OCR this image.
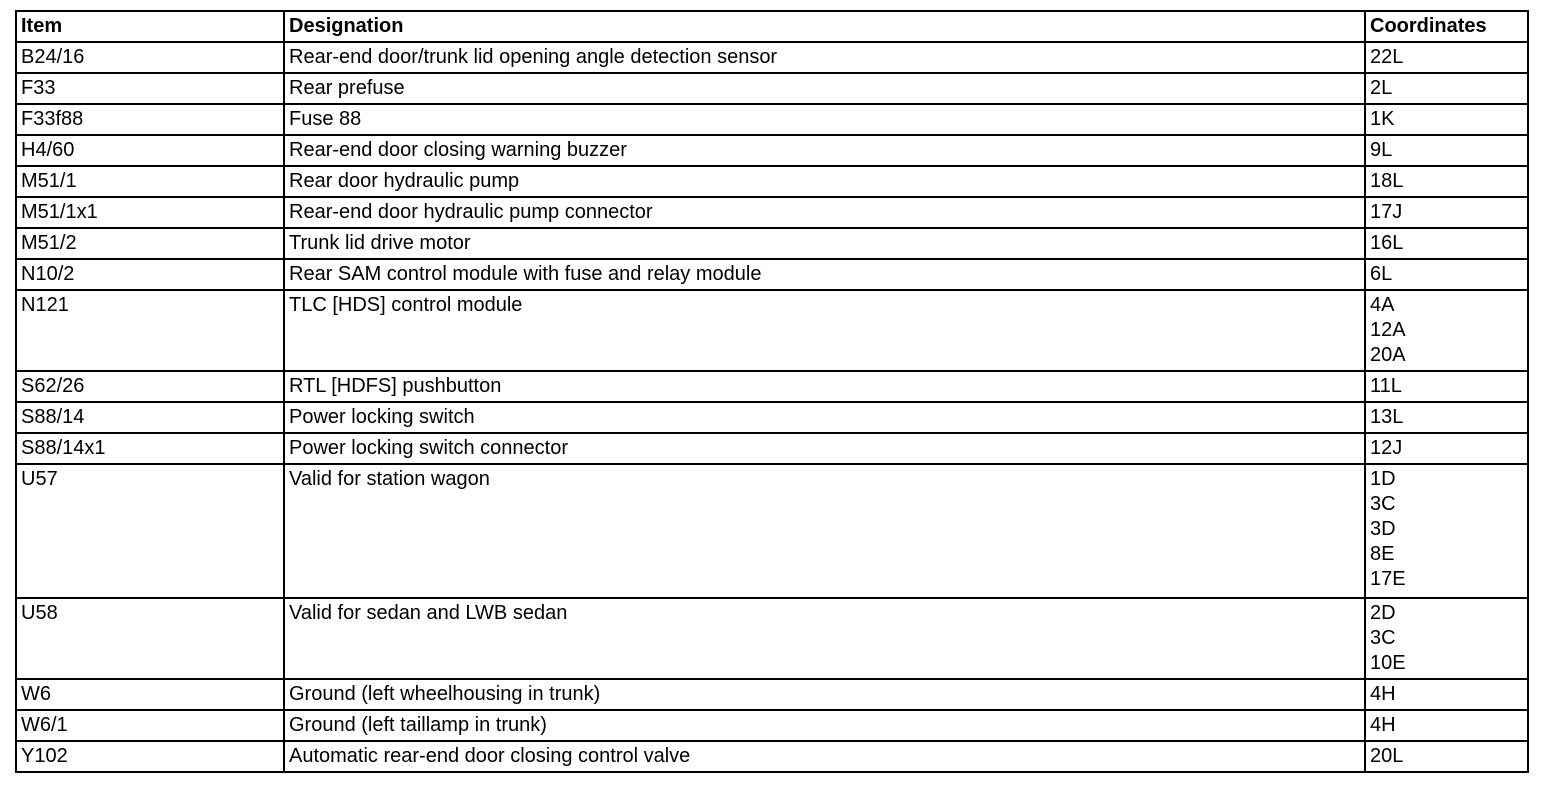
Item	Designation	Coordinates
B24/16	Rear-end door/trunk lid opening angle detection sensor	22L

F33	Rear prefuse	2L

F33f88	Fuse 88	1K

H4/60	Rear-end door closing warning buzzer	9L

M51/1	Rear door hydraulic pump	18L

M51/1x1	Rear-end door hydraulic pump connector	17J

M51/2	Trunk lid drive motor	16L

N10/2	Rear SAM control module with fuse and relay module	6L

N121	TLC [HDS] control module	4A
12A
20A

S62/26	RTL [HDFS] pushbutton	11L

S88/14	Power locking switch	13L

S88/14x1	Power locking switch connector	12J

U57	Valid for station wagon	1D
3C
3D
8E
17E

U58	Valid for sedan and LWB sedan	2D
3C
10E

W6	Ground (left wheelhousing in trunk)	4H

W6/1	Ground (left taillamp in trunk)	4H

Y102	Automatic rear-end door closing control valve	20L
